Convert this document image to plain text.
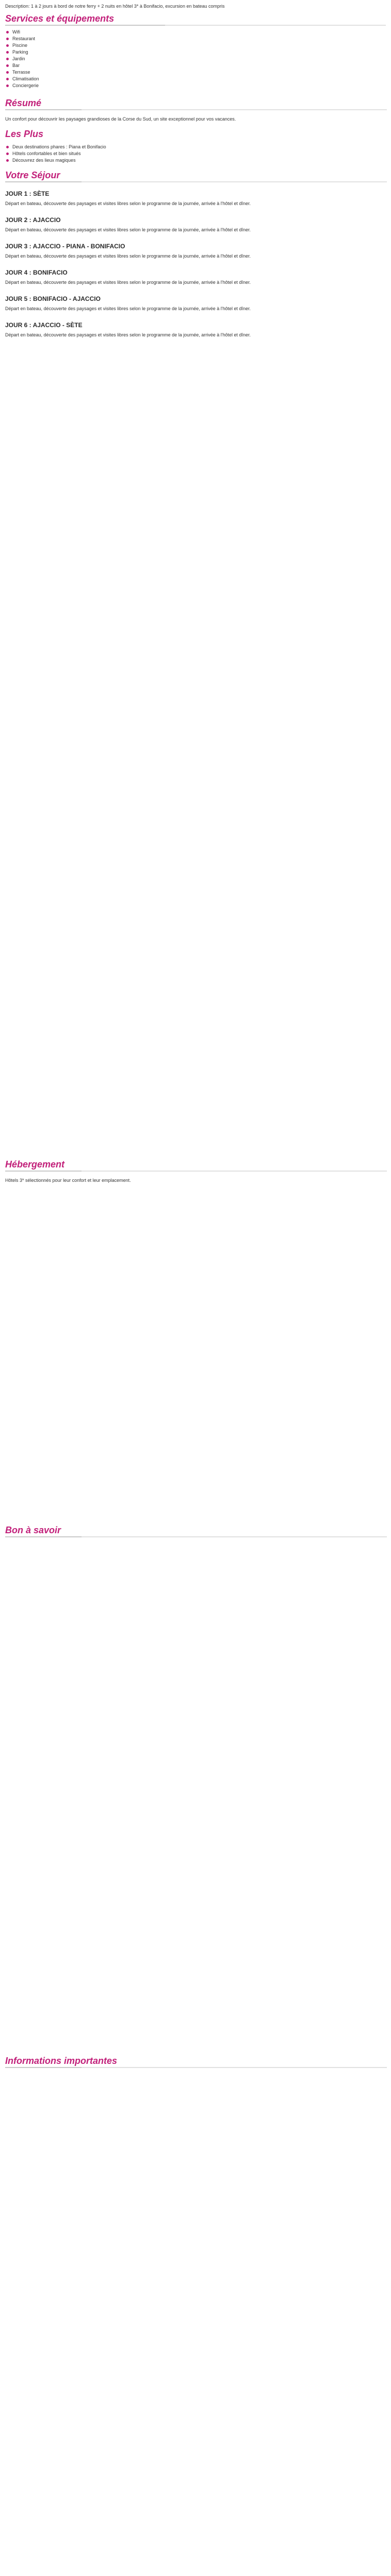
Description: 1 à 2 jours à bord de notre ferry + 2 nuits en hôtel 3* à Bonifacio, excursion en bateau compris
Services et équipements
Wifi
Restaurant
Piscine
Parking
Jardin
Bar
Terrasse
Climatisation
Conciergerie
Résumé
Un confort pour découvrir les paysages grandioses de la Corse du Sud, un site exceptionnel pour vos vacances.
Les Plus
Deux destinations phares : Piana et Bonifacio
Hôtels confortables et bien situés
Découvrez des lieux magiques
Votre Séjour
JOUR 1 : SÈTE
Départ en bateau, découverte des paysages et visites libres selon le programme de la journée, arrivée à l'hôtel et dîner.
JOUR 2 : AJACCIO
Départ en bateau, découverte des paysages et visites libres selon le programme de la journée, arrivée à l'hôtel et dîner.
JOUR 3 : AJACCIO - PIANA - BONIFACIO
Départ en bateau, découverte des paysages et visites libres selon le programme de la journée, arrivée à l'hôtel et dîner.
JOUR 4 : BONIFACIO
Départ en bateau, découverte des paysages et visites libres selon le programme de la journée, arrivée à l'hôtel et dîner.
JOUR 5 : BONIFACIO - AJACCIO
Départ en bateau, découverte des paysages et visites libres selon le programme de la journée, arrivée à l'hôtel et dîner.
JOUR 6 : AJACCIO - SÈTE
Départ en bateau, découverte des paysages et visites libres selon le programme de la journée, arrivée à l'hôtel et dîner.
Hébergement
Hôtels 3* sélectionnés pour leur confort et leur emplacement.
Bon à savoir
Informations importantes
